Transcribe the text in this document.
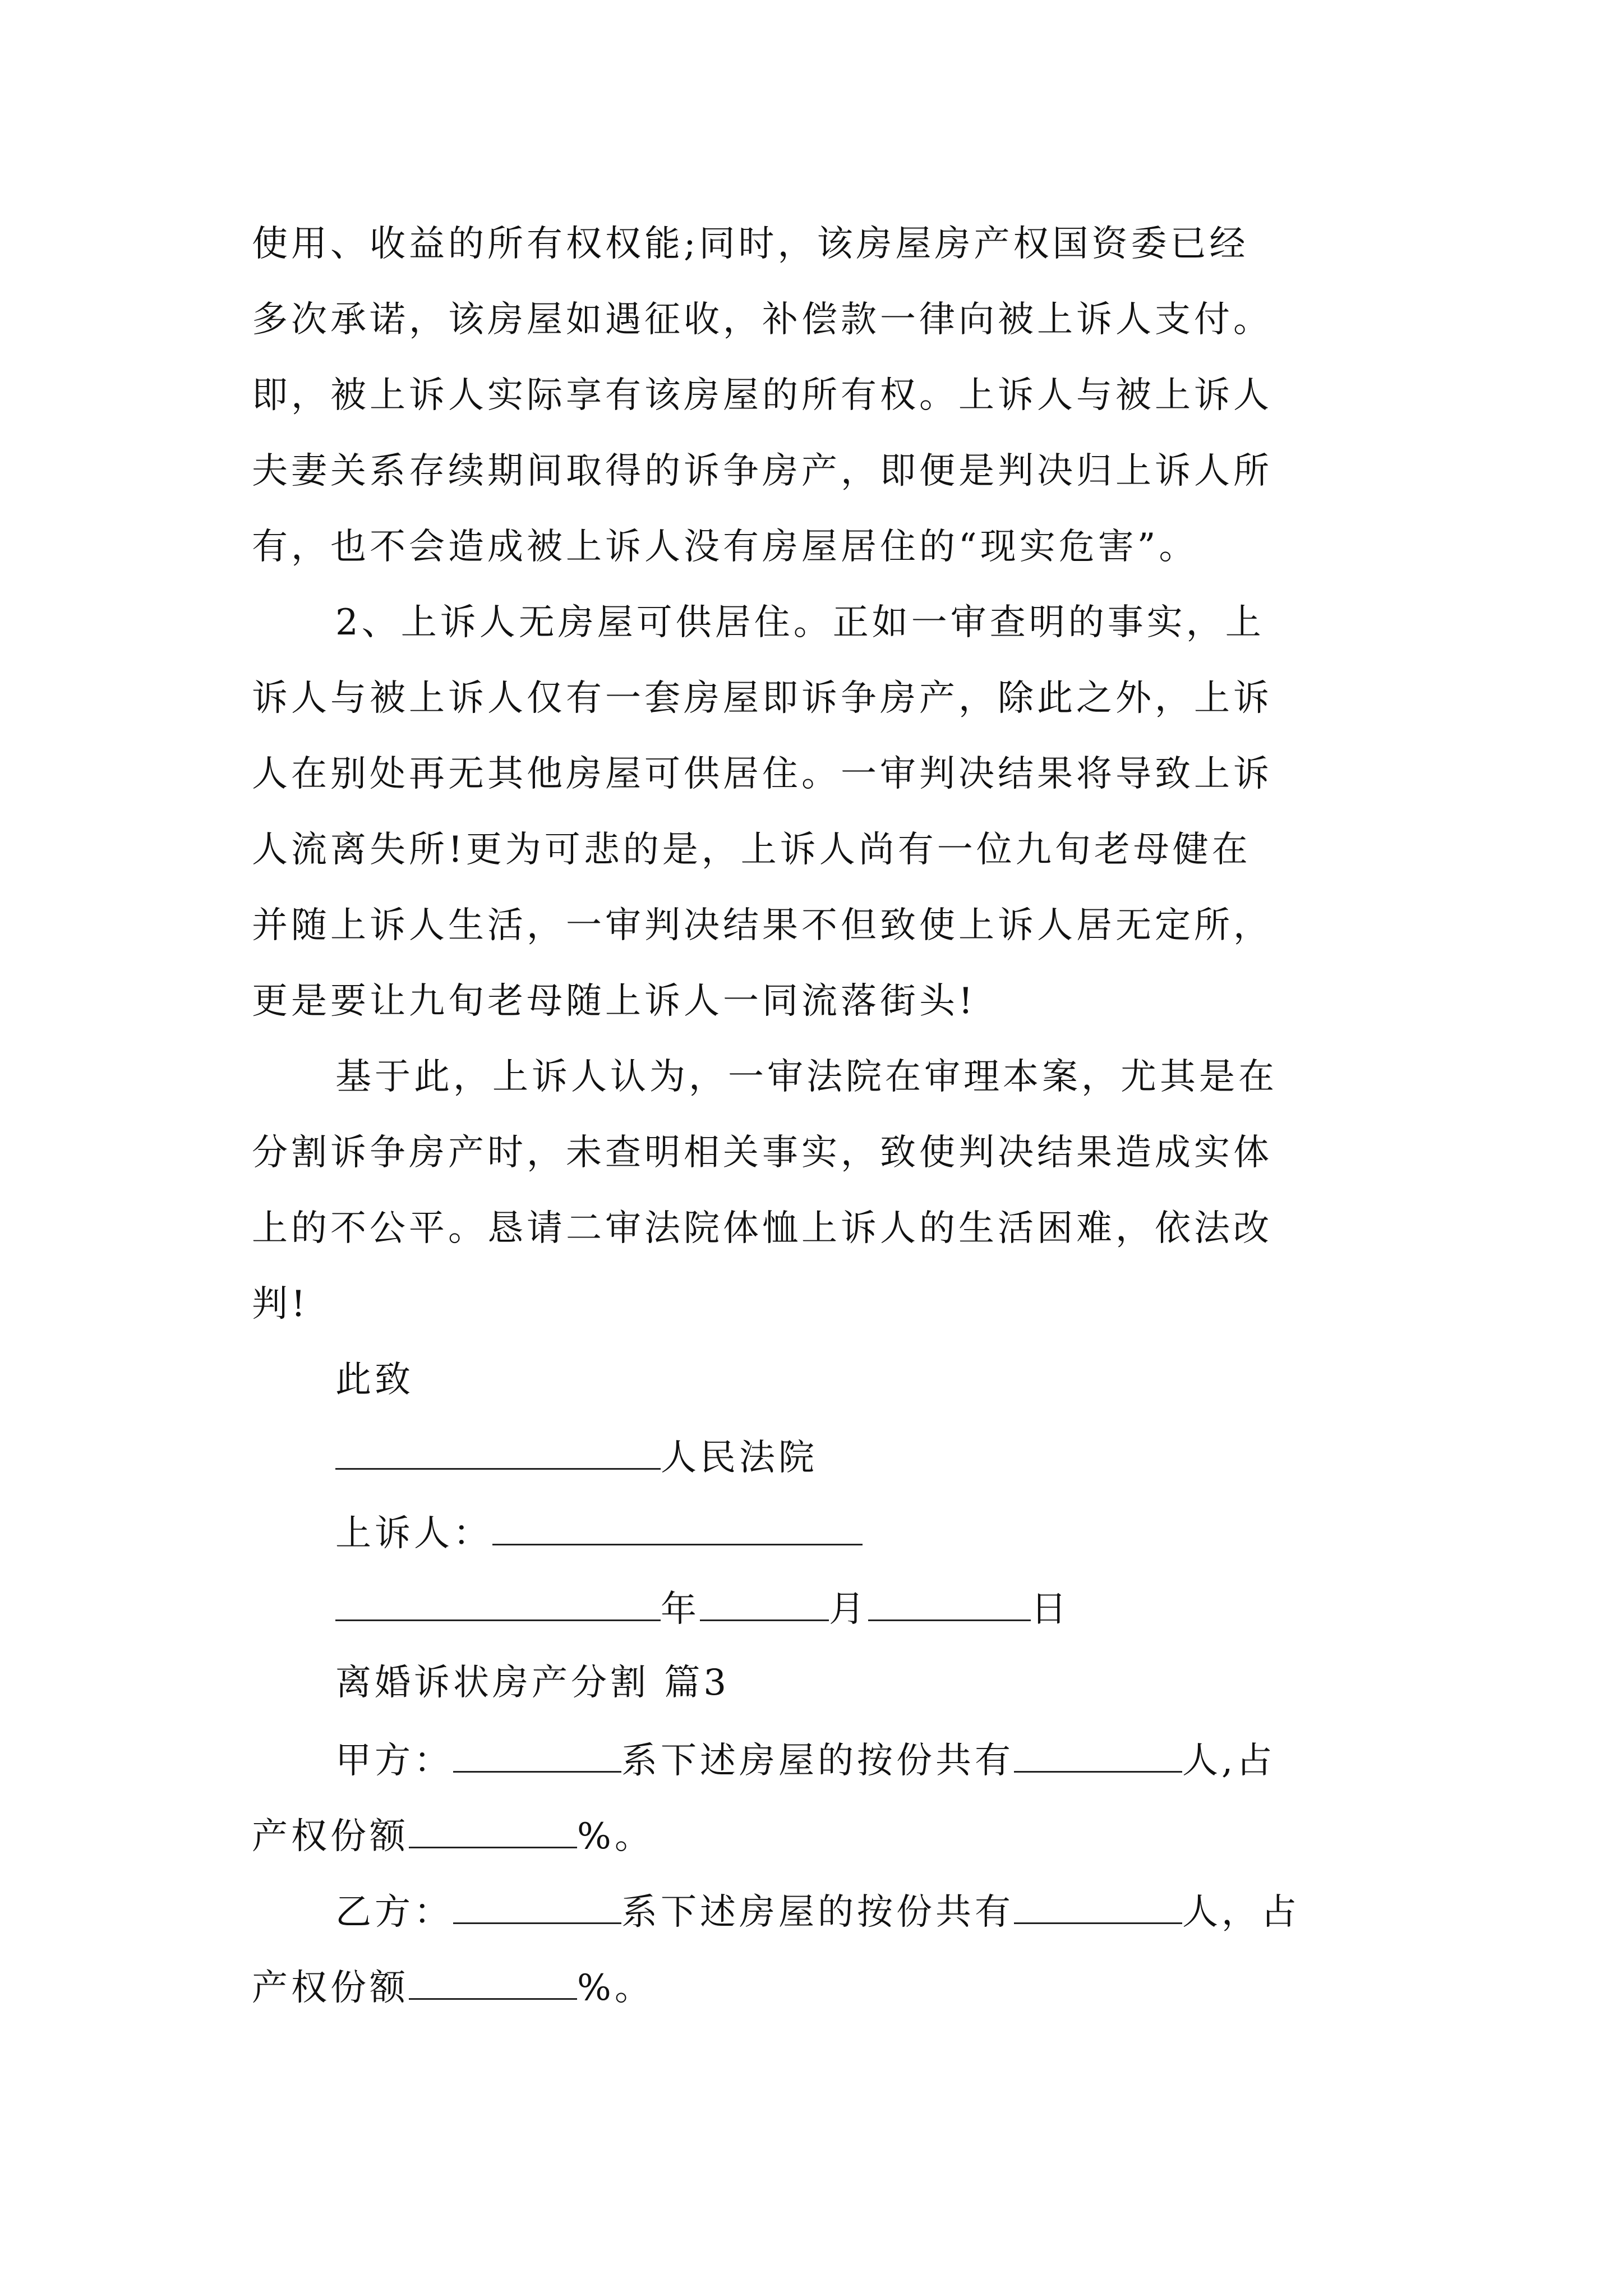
使用、收益的所有权权能;同时，该房屋房产权国资委已经
多次承诺，该房屋如遇征收，补偿款一律向被上诉人支付。
即，被上诉人实际享有该房屋的所有权。上诉人与被上诉人
夫妻关系存续期间取得的诉争房产，即便是判决归上诉人所
有，也不会造成被上诉人没有房屋居住的“现实危害”。
2、上诉人无房屋可供居住。正如一审查明的事实，上
诉人与被上诉人仅有一套房屋即诉争房产，除此之外，上诉
人在别处再无其他房屋可供居住。一审判决结果将导致上诉
人流离失所!更为可悲的是，上诉人尚有一位九旬老母健在
并随上诉人生活，一审判决结果不但致使上诉人居无定所，
更是要让九旬老母随上诉人一同流落街头!
基于此，上诉人认为，一审法院在审理本案，尤其是在
分割诉争房产时，未查明相关事实，致使判决结果造成实体
上的不公平。恳请二审法院体恤上诉人的生活困难，依法改
判!
此致
人民法院
上诉人：
年	月	日
离婚诉状房产分割 篇3
甲方：	系下述房屋的按份共有	人,占
产权份额	%。
乙方：	系下述房屋的按份共有	人，占
产权份额	%。
